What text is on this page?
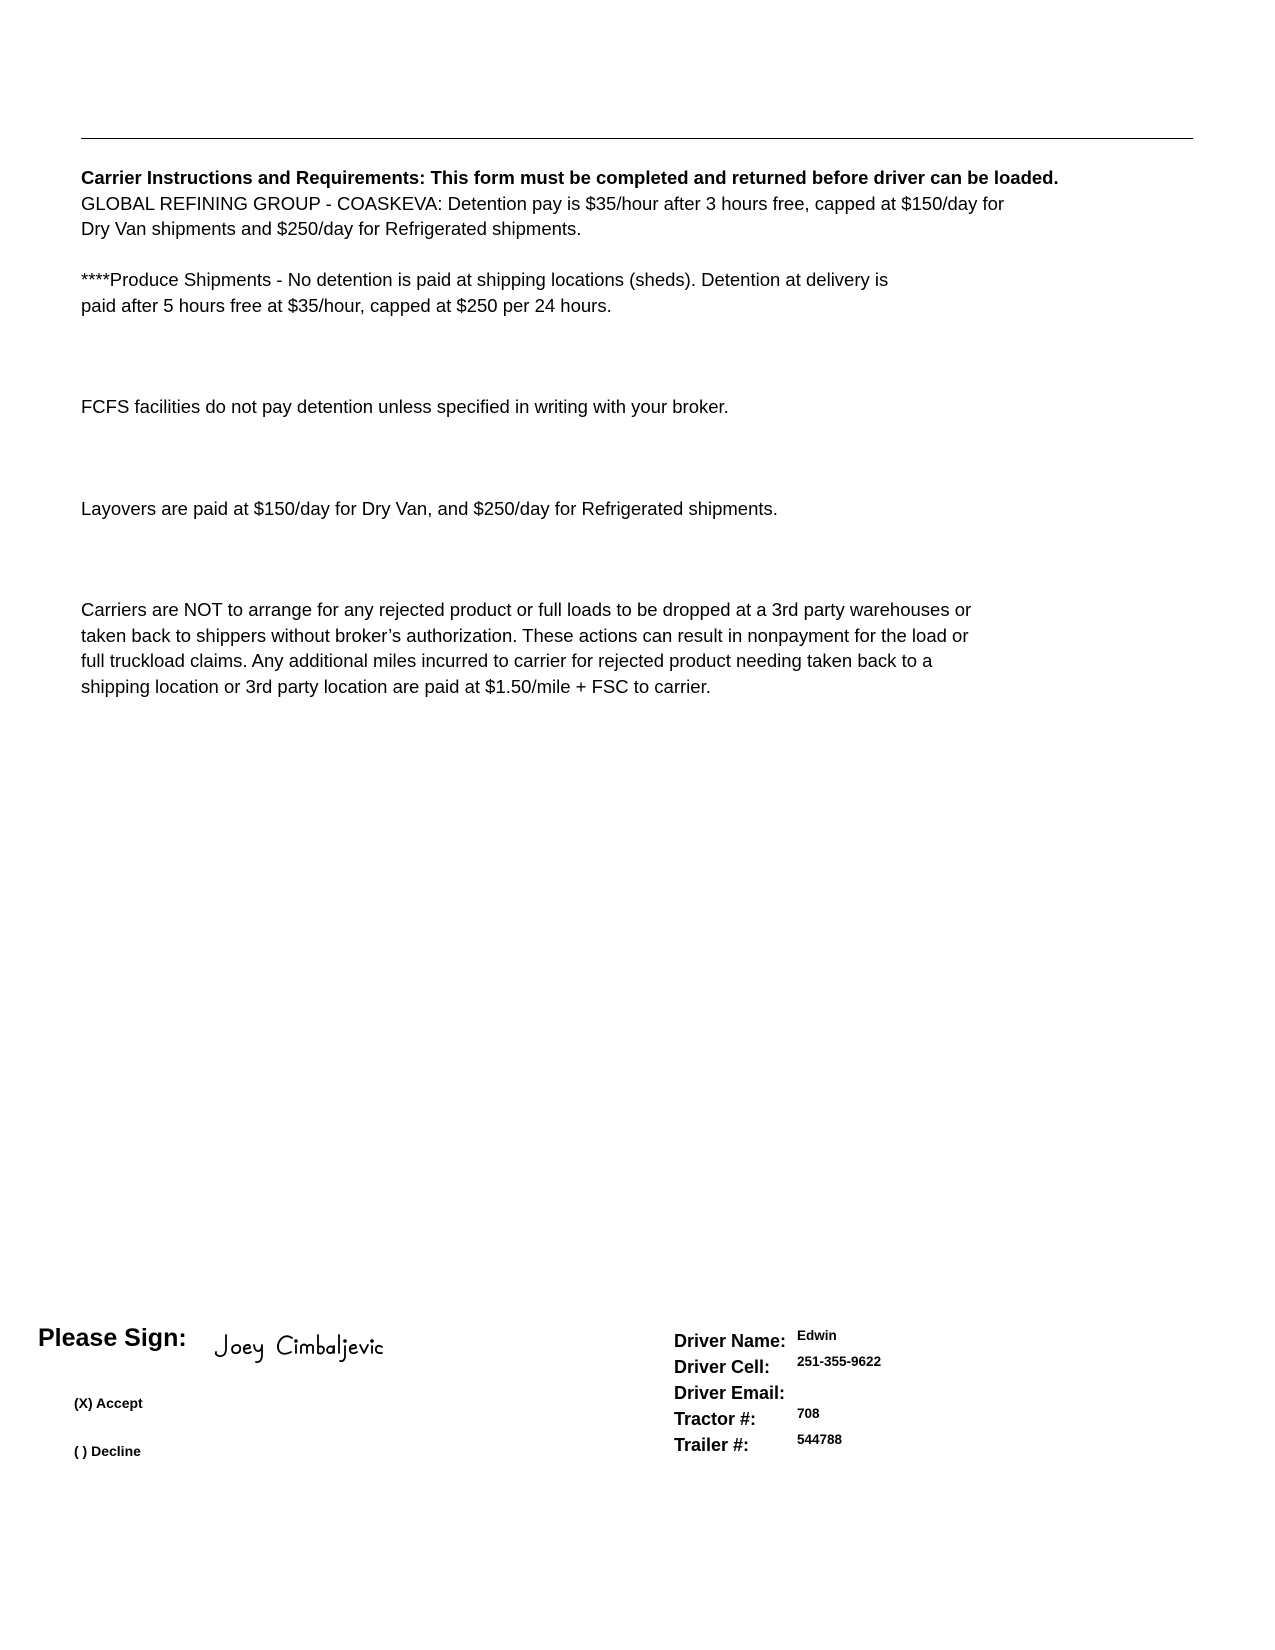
Carrier Instructions and Requirements: This form must be completed and returned before driver can be loaded.
GLOBAL REFINING GROUP - COASKEVA: Detention pay is $35/hour after 3 hours free, capped at $150/day for
Dry Van shipments and $250/day for Refrigerated shipments.
****Produce Shipments - No detention is paid at shipping locations (sheds). Detention at delivery is
paid after 5 hours free at $35/hour, capped at $250 per 24 hours.
FCFS facilities do not pay detention unless specified in writing with your broker.
Layovers are paid at $150/day for Dry Van, and $250/day for Refrigerated shipments.
Carriers are NOT to arrange for any rejected product or full loads to be dropped at a 3rd party warehouses or
taken back to shippers without broker’s authorization. These actions can result in nonpayment for the load or
full truckload claims. Any additional miles incurred to carrier for rejected product needing taken back to a
shipping location or 3rd party location are paid at $1.50/mile + FSC to carrier.
Please Sign:
(X) Accept
( ) Decline
Driver Name: Edwin
Driver Cell: 251-355-9622
Driver Email:
Tractor #:	708
Trailer #:	544788
